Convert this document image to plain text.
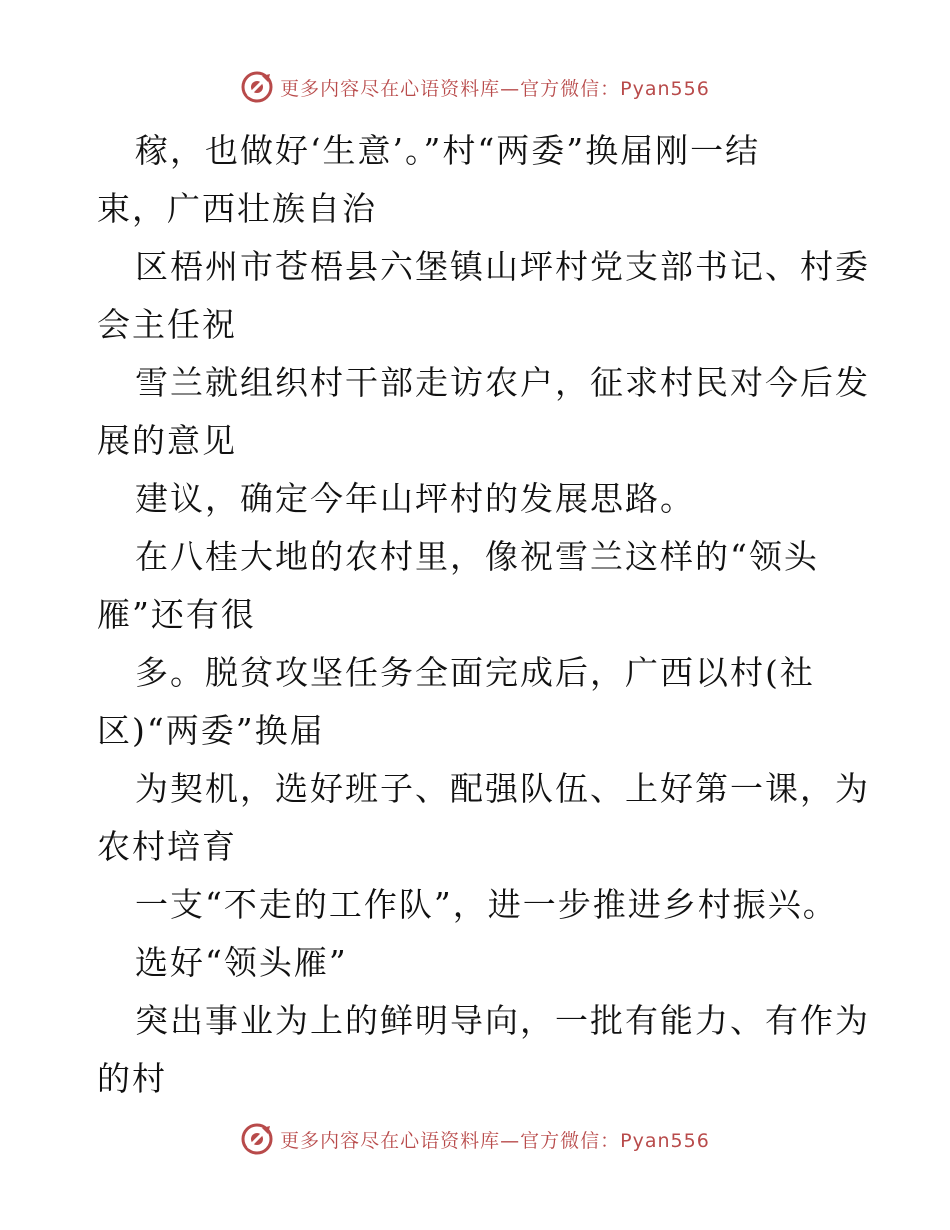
更多内容尽在心语资料库—官方微信：Pyan556
稼，也做好‘生意’。”村“两委”换届刚一结
束，广西壮族自治
区梧州市苍梧县六堡镇山坪村党支部书记、村委
会主任祝
雪兰就组织村干部走访农户，征求村民对今后发
展的意见
建议，确定今年山坪村的发展思路。
在八桂大地的农村里，像祝雪兰这样的“领头
雁”还有很
多。脱贫攻坚任务全面完成后，广西以村(社
区)“两委”换届
为契机，选好班子、配强队伍、上好第一课，为
农村培育
一支“不走的工作队”，进一步推进乡村振兴。
选好“领头雁”
突出事业为上的鲜明导向，一批有能力、有作为
的村
更多内容尽在心语资料库—官方微信：Pyan556
